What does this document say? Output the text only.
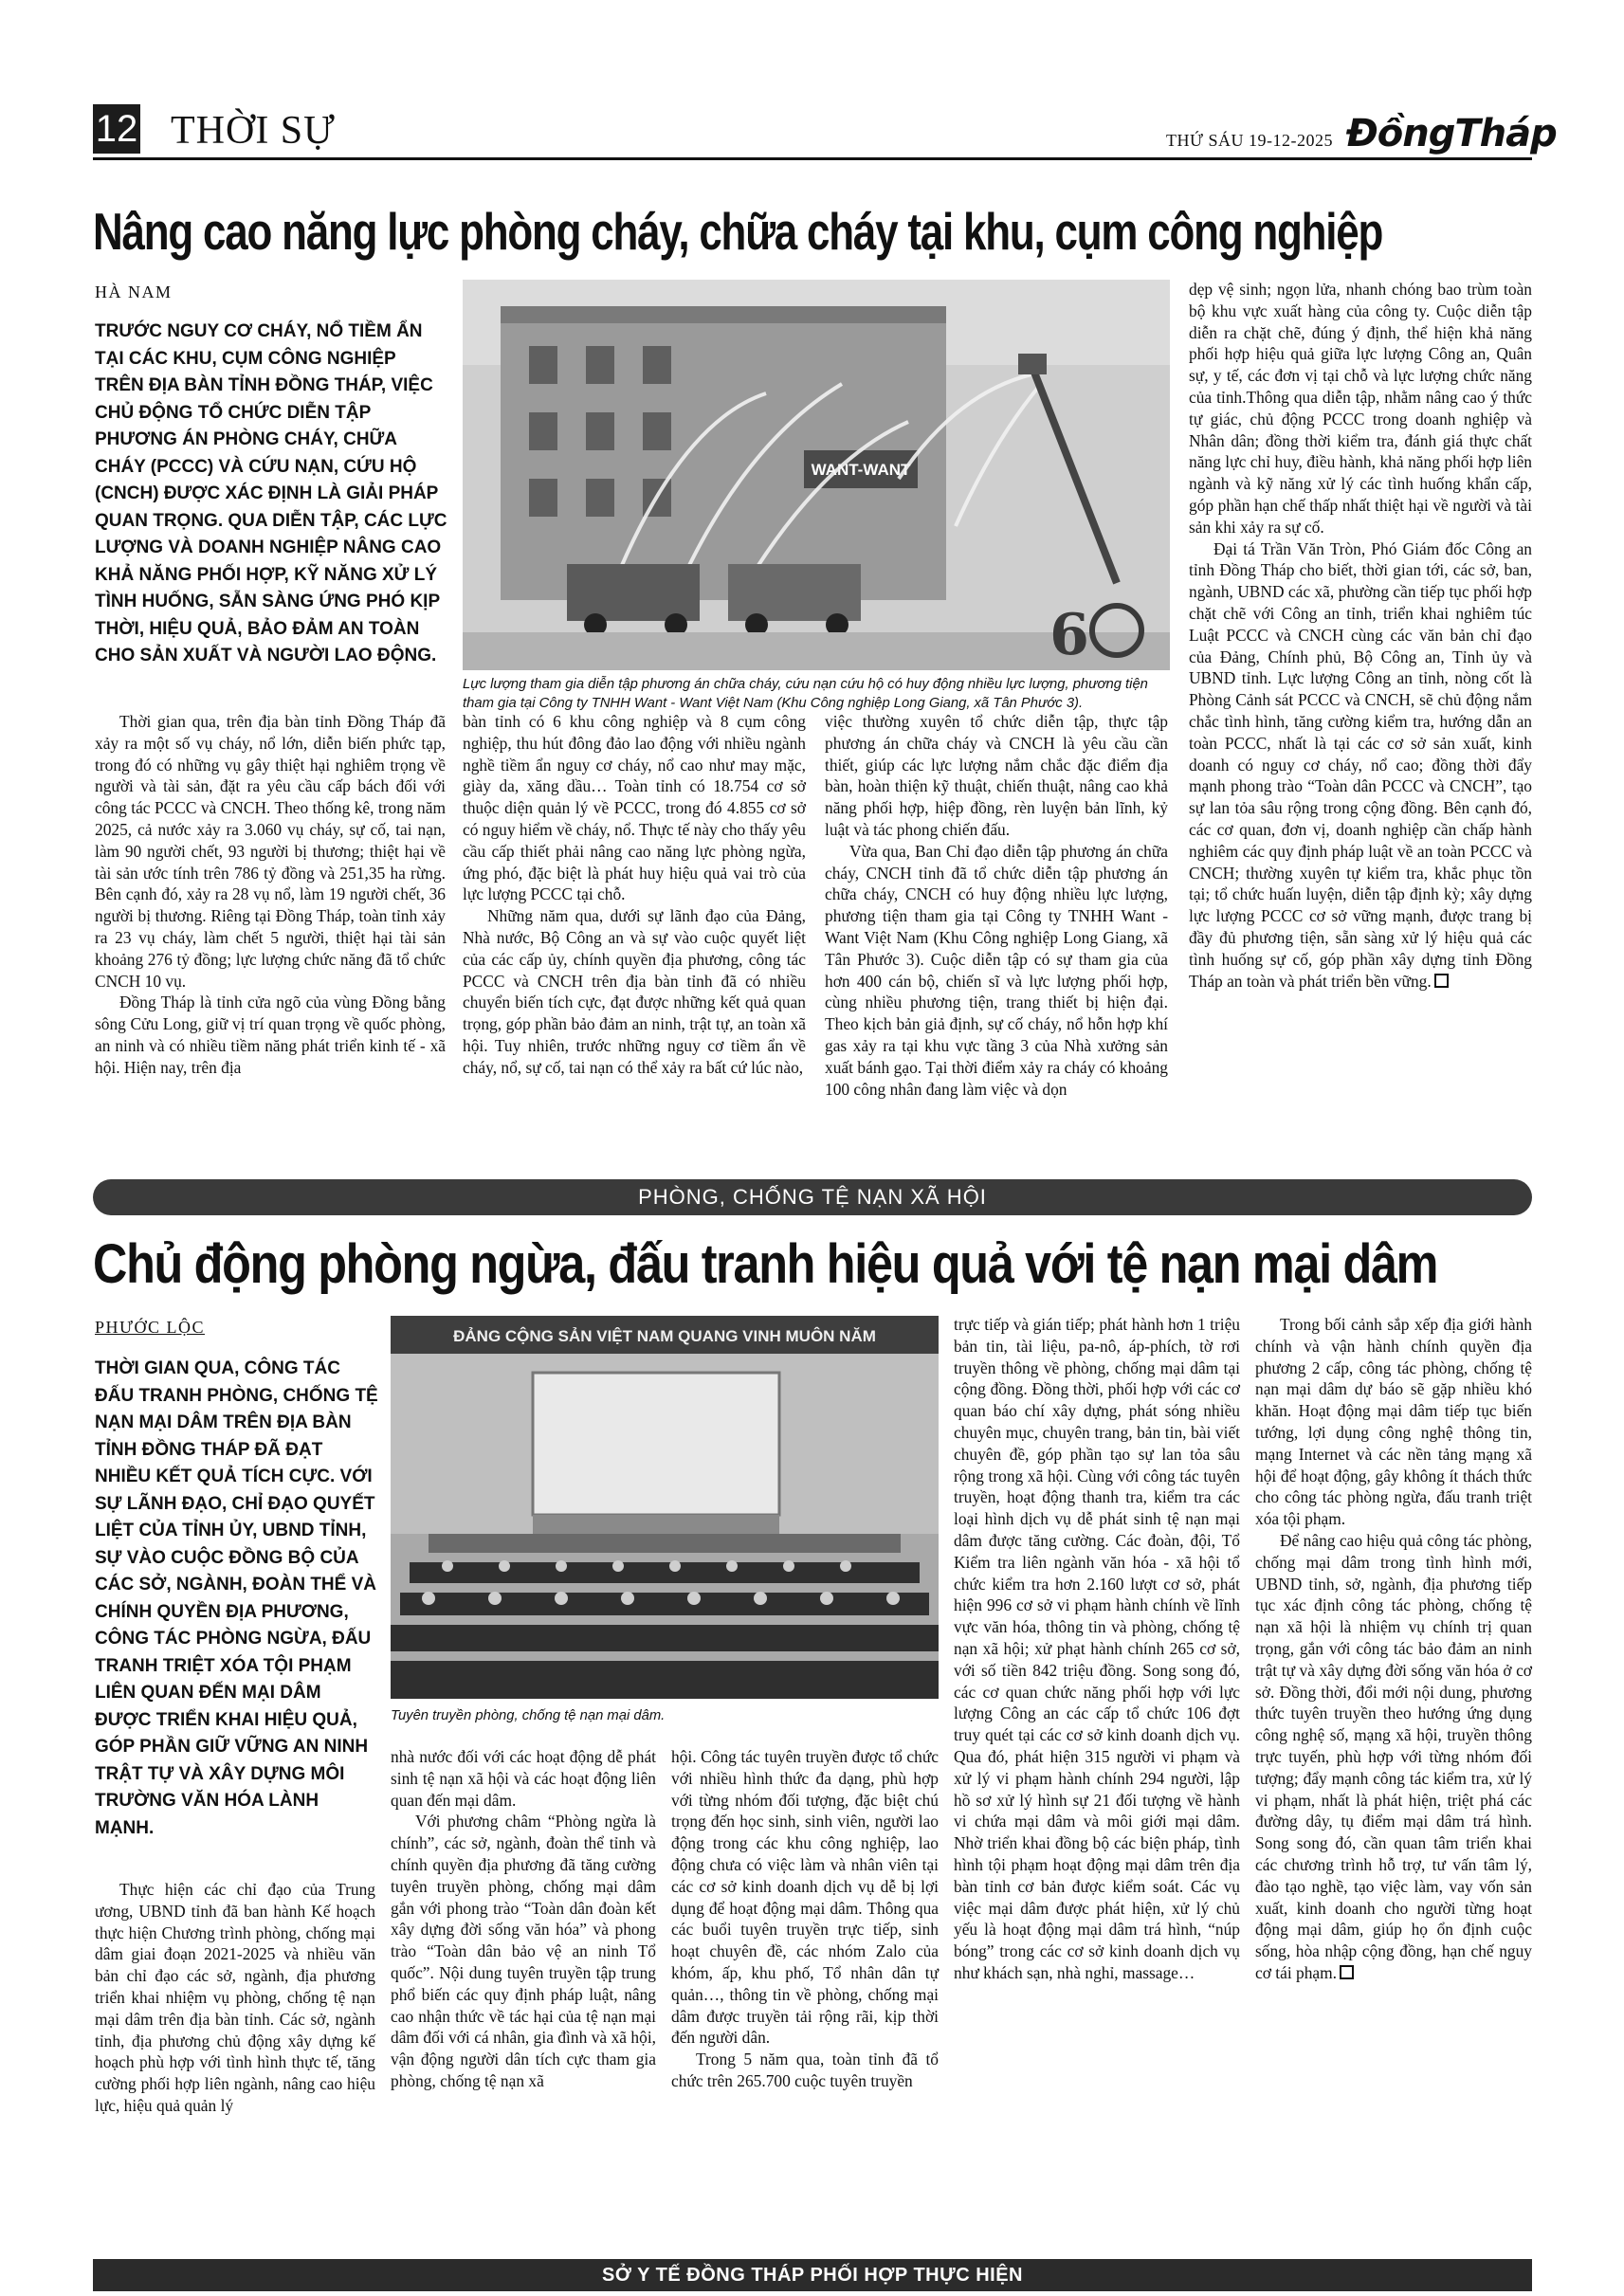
12 THỜI SỰ	THỨ SÁU 19-12-2025 ĐồngTháp
Nâng cao năng lực phòng cháy, chữa cháy tại khu, cụm công nghiệp
HÀ NAM
TRƯỚC NGUY CƠ CHÁY, NỔ TIỀM ẨN TẠI CÁC KHU, CỤM CÔNG NGHIỆP TRÊN ĐỊA BÀN TỈNH ĐỒNG THÁP, VIỆC CHỦ ĐỘNG TỔ CHỨC DIỄN TẬP PHƯƠNG ÁN PHÒNG CHÁY, CHỮA CHÁY (PCCC) VÀ CỨU NẠN, CỨU HỘ (CNCH) ĐƯỢC XÁC ĐỊNH LÀ GIẢI PHÁP QUAN TRỌNG. QUA DIỄN TẬP, CÁC LỰC LƯỢNG VÀ DOANH NGHIỆP NÂNG CAO KHẢ NĂNG PHỐI HỢP, KỸ NĂNG XỬ LÝ TÌNH HUỐNG, SẴN SÀNG ỨNG PHÓ KỊP THỜI, HIỆU QUẢ, BẢO ĐẢM AN TOÀN CHO SẢN XUẤT VÀ NGƯỜI LAO ĐỘNG.
WANT-WANT
6
Lực lượng tham gia diễn tập phương án chữa cháy, cứu nạn cứu hộ có huy động nhiều lực lượng, phương tiện tham gia tại Công ty TNHH Want - Want Việt Nam (Khu Công nghiệp Long Giang, xã Tân Phước 3).

Thời gian qua, trên địa bàn tỉnh Đồng Tháp đã xảy ra một số vụ cháy, nổ lớn, diễn biến phức tạp, trong đó có những vụ gây thiệt hại nghiêm trọng về người và tài sản, đặt ra yêu cầu cấp bách đối với công tác PCCC và CNCH. Theo thống kê, trong năm 2025, cả nước xảy ra 3.060 vụ cháy, sự cố, tai nạn, làm 90 người chết, 93 người bị thương; thiệt hại về tài sản ước tính trên 786 tỷ đồng và 251,35 ha rừng. Bên cạnh đó, xảy ra 28 vụ nổ, làm 19 người chết, 36 người bị thương. Riêng tại Đồng Tháp, toàn tỉnh xảy ra 23 vụ cháy, làm chết 5 người, thiệt hại tài sản khoảng 276 tỷ đồng; lực lượng chức năng đã tổ chức CNCH 10 vụ.

Đồng Tháp là tỉnh cửa ngõ của vùng Đồng bằng sông Cửu Long, giữ vị trí quan trọng về quốc phòng, an ninh và có nhiều tiềm năng phát triển kinh tế - xã hội. Hiện nay, trên địa

bàn tỉnh có 6 khu công nghiệp và 8 cụm công nghiệp, thu hút đông đảo lao động với nhiều ngành nghề tiềm ẩn nguy cơ cháy, nổ cao như may mặc, giày da, xăng dầu… Toàn tỉnh có 18.754 cơ sở thuộc diện quản lý về PCCC, trong đó 4.855 cơ sở có nguy hiểm về cháy, nổ. Thực tế này cho thấy yêu cầu cấp thiết phải nâng cao năng lực phòng ngừa, ứng phó, đặc biệt là phát huy hiệu quả vai trò của lực lượng PCCC tại chỗ.

Những năm qua, dưới sự lãnh đạo của Đảng, Nhà nước, Bộ Công an và sự vào cuộc quyết liệt của các cấp ủy, chính quyền địa phương, công tác PCCC và CNCH trên địa bàn tỉnh đã có nhiều chuyển biến tích cực, đạt được những kết quả quan trọng, góp phần bảo đảm an ninh, trật tự, an toàn xã hội. Tuy nhiên, trước những nguy cơ tiềm ẩn về cháy, nổ, sự cố, tai nạn có thể xảy ra bất cứ lúc nào,

việc thường xuyên tổ chức diễn tập, thực tập phương án chữa cháy và CNCH là yêu cầu cần thiết, giúp các lực lượng nắm chắc đặc điểm địa bàn, hoàn thiện kỹ thuật, chiến thuật, nâng cao khả năng phối hợp, hiệp đồng, rèn luyện bản lĩnh, kỷ luật và tác phong chiến đấu.

Vừa qua, Ban Chỉ đạo diễn tập phương án chữa cháy, CNCH tỉnh đã tổ chức diễn tập phương án chữa cháy, CNCH có huy động nhiều lực lượng, phương tiện tham gia tại Công ty TNHH Want - Want Việt Nam (Khu Công nghiệp Long Giang, xã Tân Phước 3). Cuộc diễn tập có sự tham gia của hơn 400 cán bộ, chiến sĩ và lực lượng phối hợp, cùng nhiều phương tiện, trang thiết bị hiện đại. Theo kịch bản giả định, sự cố cháy, nổ hỗn hợp khí gas xảy ra tại khu vực tầng 3 của Nhà xưởng sản xuất bánh gạo. Tại thời điểm xảy ra cháy có khoảng 100 công nhân đang làm việc và dọn

dẹp vệ sinh; ngọn lửa, nhanh chóng bao trùm toàn bộ khu vực xuất hàng của công ty. Cuộc diễn tập diễn ra chặt chẽ, đúng ý định, thể hiện khả năng phối hợp hiệu quả giữa lực lượng Công an, Quân sự, y tế, các đơn vị tại chỗ và lực lượng chức năng của tỉnh.Thông qua diễn tập, nhằm nâng cao ý thức tự giác, chủ động PCCC trong doanh nghiệp và Nhân dân; đồng thời kiểm tra, đánh giá thực chất năng lực chỉ huy, điều hành, khả năng phối hợp liên ngành và kỹ năng xử lý các tình huống khẩn cấp, góp phần hạn chế thấp nhất thiệt hại về người và tài sản khi xảy ra sự cố.

Đại tá Trần Văn Tròn, Phó Giám đốc Công an tỉnh Đồng Tháp cho biết, thời gian tới, các sở, ban, ngành, UBND các xã, phường cần tiếp tục phối hợp chặt chẽ với Công an tỉnh, triển khai nghiêm túc Luật PCCC và CNCH cùng các văn bản chỉ đạo của Đảng, Chính phủ, Bộ Công an, Tỉnh ủy và UBND tỉnh. Lực lượng Công an tỉnh, nòng cốt là Phòng Cảnh sát PCCC và CNCH, sẽ chủ động nắm chắc tình hình, tăng cường kiểm tra, hướng dẫn an toàn PCCC, nhất là tại các cơ sở sản xuất, kinh doanh có nguy cơ cháy, nổ cao; đồng thời đẩy mạnh phong trào “Toàn dân PCCC và CNCH”, tạo sự lan tỏa sâu rộng trong cộng đồng. Bên cạnh đó, các cơ quan, đơn vị, doanh nghiệp cần chấp hành nghiêm các quy định pháp luật về an toàn PCCC và CNCH; thường xuyên tự kiểm tra, khắc phục tồn tại; tổ chức huấn luyện, diễn tập định kỳ; xây dựng lực lượng PCCC cơ sở vững mạnh, được trang bị đầy đủ phương tiện, sẵn sàng xử lý hiệu quả các tình huống sự cố, góp phần xây dựng tỉnh Đồng Tháp an toàn và phát triển bền vững.

PHÒNG, CHỐNG TỆ NẠN XÃ HỘI
Chủ động phòng ngừa, đấu tranh hiệu quả với tệ nạn mại dâm
PHƯỚC LỘC
THỜI GIAN QUA, CÔNG TÁC ĐẤU TRANH PHÒNG, CHỐNG TỆ NẠN MẠI DÂM TRÊN ĐỊA BÀN TỈNH ĐỒNG THÁP ĐÃ ĐẠT NHIỀU KẾT QUẢ TÍCH CỰC. VỚI SỰ LÃNH ĐẠO, CHỈ ĐẠO QUYẾT LIỆT CỦA TỈNH ỦY, UBND TỈNH, SỰ VÀO CUỘC ĐỒNG BỘ CỦA CÁC SỞ, NGÀNH, ĐOÀN THỂ VÀ CHÍNH QUYỀN ĐỊA PHƯƠNG, CÔNG TÁC PHÒNG NGỪA, ĐẤU TRANH TRIỆT XÓA TỘI PHẠM LIÊN QUAN ĐẾN MẠI DÂM ĐƯỢC TRIỂN KHAI HIỆU QUẢ, GÓP PHẦN GIỮ VỮNG AN NINH TRẬT TỰ VÀ XÂY DỰNG MÔI TRƯỜNG VĂN HÓA LÀNH MẠNH.
ĐẢNG CỘNG SẢN VIỆT NAM QUANG VINH MUÔN NĂM
Tuyên truyền phòng, chống tệ nạn mại dâm.

Thực hiện các chỉ đạo của Trung ương, UBND tỉnh đã ban hành Kế hoạch thực hiện Chương trình phòng, chống mại dâm giai đoạn 2021-2025 và nhiều văn bản chỉ đạo các sở, ngành, địa phương triển khai nhiệm vụ phòng, chống tệ nạn mại dâm trên địa bàn tỉnh. Các sở, ngành tỉnh, địa phương chủ động xây dựng kế hoạch phù hợp với tình hình thực tế, tăng cường phối hợp liên ngành, nâng cao hiệu lực, hiệu quả quản lý

nhà nước đối với các hoạt động dễ phát sinh tệ nạn xã hội và các hoạt động liên quan đến mại dâm.

Với phương châm “Phòng ngừa là chính”, các sở, ngành, đoàn thể tỉnh và chính quyền địa phương đã tăng cường tuyên truyền phòng, chống mại dâm gắn với phong trào “Toàn dân đoàn kết xây dựng đời sống văn hóa” và phong trào “Toàn dân bảo vệ an ninh Tổ quốc”. Nội dung tuyên truyền tập trung phổ biến các quy định pháp luật, nâng cao nhận thức về tác hại của tệ nạn mại dâm đối với cá nhân, gia đình và xã hội, vận động người dân tích cực tham gia phòng, chống tệ nạn xã

hội. Công tác tuyên truyền được tổ chức với nhiều hình thức đa dạng, phù hợp với từng nhóm đối tượng, đặc biệt chú trọng đến học sinh, sinh viên, người lao động trong các khu công nghiệp, lao động chưa có việc làm và nhân viên tại các cơ sở kinh doanh dịch vụ dễ bị lợi dụng để hoạt động mại dâm. Thông qua các buổi tuyên truyền trực tiếp, sinh hoạt chuyên đề, các nhóm Zalo của khóm, ấp, khu phố, Tổ nhân dân tự quản…, thông tin về phòng, chống mại dâm được truyền tải rộng rãi, kịp thời đến người dân.

Trong 5 năm qua, toàn tỉnh đã tổ chức trên 265.700 cuộc tuyên truyền

trực tiếp và gián tiếp; phát hành hơn 1 triệu bản tin, tài liệu, pa-nô, áp-phích, tờ rơi truyền thông về phòng, chống mại dâm tại cộng đồng. Đồng thời, phối hợp với các cơ quan báo chí xây dựng, phát sóng nhiều chuyên mục, chuyên trang, bản tin, bài viết chuyên đề, góp phần tạo sự lan tỏa sâu rộng trong xã hội. Cùng với công tác tuyên truyền, hoạt động thanh tra, kiểm tra các loại hình dịch vụ dễ phát sinh tệ nạn mại dâm được tăng cường. Các đoàn, đội, Tổ Kiểm tra liên ngành văn hóa - xã hội tổ chức kiểm tra hơn 2.160 lượt cơ sở, phát hiện 996 cơ sở vi phạm hành chính về lĩnh vực văn hóa, thông tin và phòng, chống tệ nạn xã hội; xử phạt hành chính 265 cơ sở, với số tiền 842 triệu đồng. Song song đó, các cơ quan chức năng phối hợp với lực lượng Công an các cấp tổ chức 106 đợt truy quét tại các cơ sở kinh doanh dịch vụ. Qua đó, phát hiện 315 người vi phạm và xử lý vi phạm hành chính 294 người, lập hồ sơ xử lý hình sự 21 đối tượng về hành vi chứa mại dâm và môi giới mại dâm. Nhờ triển khai đồng bộ các biện pháp, tình hình tội phạm hoạt động mại dâm trên địa bàn tỉnh cơ bản được kiểm soát. Các vụ việc mại dâm được phát hiện, xử lý chủ yếu là hoạt động mại dâm trá hình, “núp bóng” trong các cơ sở kinh doanh dịch vụ như khách sạn, nhà nghỉ, massage…

Trong bối cảnh sắp xếp địa giới hành chính và vận hành chính quyền địa phương 2 cấp, công tác phòng, chống tệ nạn mại dâm dự báo sẽ gặp nhiều khó khăn. Hoạt động mại dâm tiếp tục biến tướng, lợi dụng công nghệ thông tin, mạng Internet và các nền tảng mạng xã hội để hoạt động, gây không ít thách thức cho công tác phòng ngừa, đấu tranh triệt xóa tội phạm.

Để nâng cao hiệu quả công tác phòng, chống mại dâm trong tình hình mới, UBND tỉnh, sở, ngành, địa phương tiếp tục xác định công tác phòng, chống tệ nạn xã hội là nhiệm vụ chính trị quan trọng, gắn với công tác bảo đảm an ninh trật tự và xây dựng đời sống văn hóa ở cơ sở. Đồng thời, đổi mới nội dung, phương thức tuyên truyền theo hướng ứng dụng công nghệ số, mạng xã hội, truyền thông trực tuyến, phù hợp với từng nhóm đối tượng; đẩy mạnh công tác kiểm tra, xử lý vi phạm, nhất là phát hiện, triệt phá các đường dây, tụ điểm mại dâm trá hình. Song song đó, cần quan tâm triển khai các chương trình hỗ trợ, tư vấn tâm lý, đào tạo nghề, tạo việc làm, vay vốn sản xuất, kinh doanh cho người từng hoạt động mại dâm, giúp họ ổn định cuộc sống, hòa nhập cộng đồng, hạn chế nguy cơ tái phạm.

SỞ Y TẾ ĐỒNG THÁP PHỐI HỢP THỰC HIỆN
